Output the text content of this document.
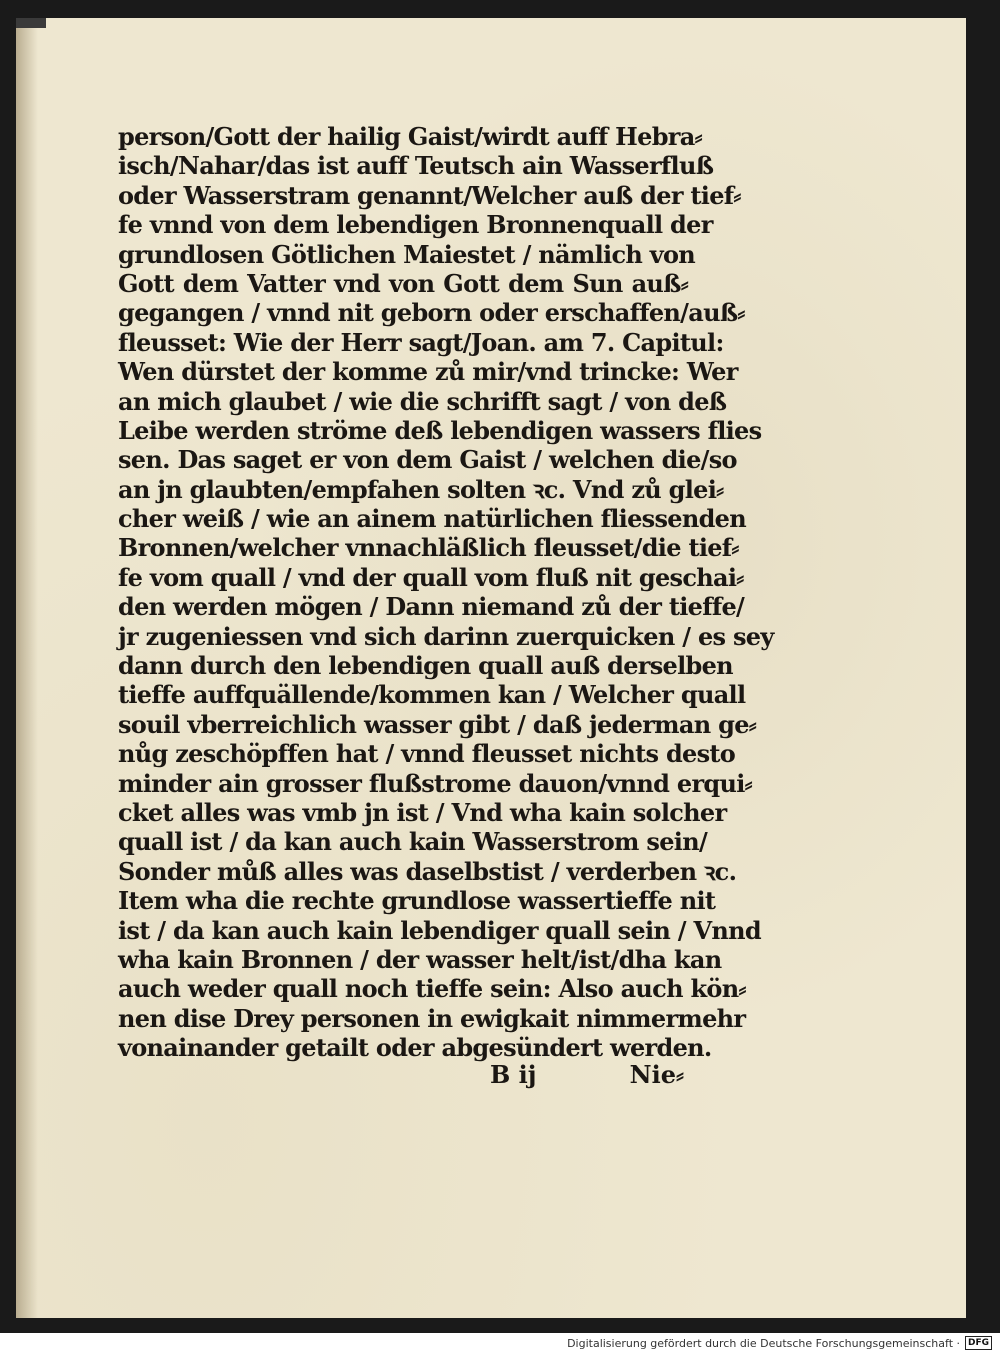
person/Gott der hailig Gaist/wirdt auff Hebra⸗
isch/Nahar/das ist auff Teutsch ain Wasserfluß
oder Wasserstram genannt/Welcher auß der tief⸗
fe vnnd von dem lebendigen Bronnenquall der
grundlosen Götlichen Maiestet / nämlich von
Gott dem Vatter vnd von Gott dem Sun auß⸗
gegangen / vnnd nit geborn oder erschaffen/auß⸗
fleusset: Wie der Herr sagt/Joan. am 7. Capitul:
Wen dürstet der komme zů mir/vnd trincke: Wer
an mich glaubet / wie die schrifft sagt / von deß
Leibe werden ströme deß lebendigen wassers flies
sen. Das saget er von dem Gaist / welchen die/so
an jn glaubten/empfahen solten ꝛc. Vnd zů glei⸗
cher weiß / wie an ainem natürlichen fliessenden
Bronnen/welcher vnnachläßlich fleusset/die tief⸗
fe vom quall / vnd der quall vom fluß nit geschai⸗
den werden mögen / Dann niemand zů der tieffe/
jr zugeniessen vnd sich darinn zuerquicken / es sey
dann durch den lebendigen quall auß derselben
tieffe auffquällende/kommen kan / Welcher quall
souil vberreichlich wasser gibt / daß jederman ge⸗
nůg zeschöpffen hat / vnnd fleusset nichts desto
minder ain grosser flußstrome dauon/vnnd erqui⸗
cket alles was vmb jn ist / Vnd wha kain solcher
quall ist / da kan auch kain Wasserstrom sein/
Sonder můß alles was daselbstist / verderben ꝛc.
Item wha die rechte grundlose wassertieffe nit
ist / da kan auch kain lebendiger quall sein / Vnnd
wha kain Bronnen / der wasser helt/ist/dha kan
auch weder quall noch tieffe sein: Also auch kön⸗
nen dise Drey personen in ewigkait nimmermehr
vonainander getailt oder abgesündert werden.
B ij	Nie⸗
Digitalisierung gefördert durch die Deutsche Forschungsgemeinschaft · DFG
